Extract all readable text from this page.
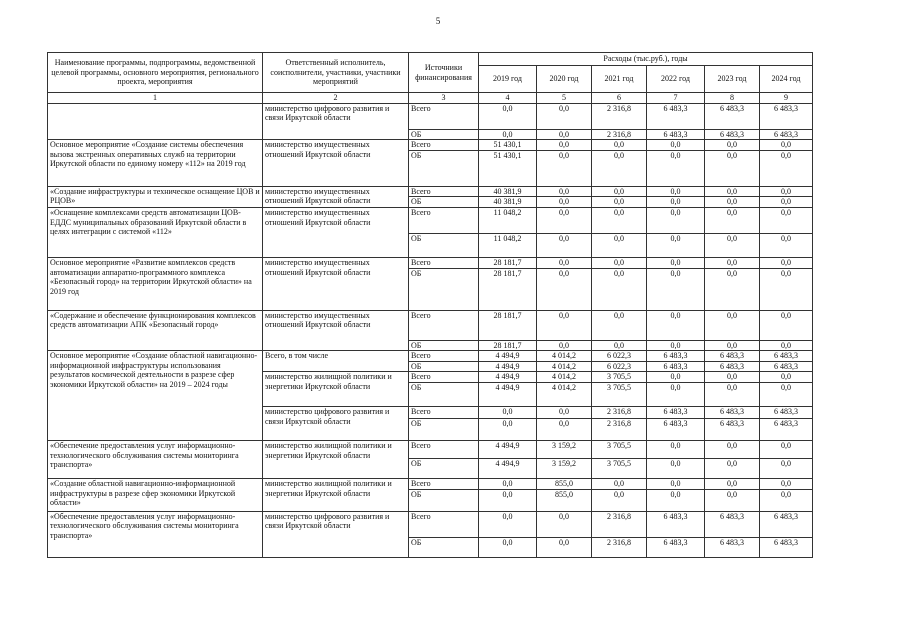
5
Наименование программы, подпрограммы, ведомственной целевой программы, основного мероприятия, регионального проекта, мероприятия	Ответственный исполнитель, соисполнители, участники, участники мероприятий	Источники финансирования	Расходы (тыс.руб.), годы					
			2019 год	2020 год	2021 год	2022 год	2023 год	2024 год
1	2	3	4	5	6	7	8	9
	министерство цифрового развития и связи Иркутской области	Всего	0,0	0,0	2 316,8	6 483,3	6 483,3	6 483,3
		ОБ	0,0	0,0	2 316,8	6 483,3	6 483,3	6 483,3
Основное мероприятие «Создание системы обеспечения вызова экстренных оперативных служб на территории Иркутской области по единому номеру «112» на 2019 год	министерство имущественных отношений Иркутской области	Всего	51 430,1	0,0	0,0	0,0	0,0	0,0
		ОБ	51 430,1	0,0	0,0	0,0	0,0	0,0
«Создание инфраструктуры и техническое оснащение ЦОВ и РЦОВ»	министерство имущественных отношений Иркутской области	Всего	40 381,9	0,0	0,0	0,0	0,0	0,0
		ОБ	40 381,9	0,0	0,0	0,0	0,0	0,0
«Оснащение комплексами средств автоматизации ЦОВ-ЕДДС муниципальных образований Иркутской области в целях интеграции с системой «112»	министерство имущественных отношений Иркутской области	Всего	11 048,2	0,0	0,0	0,0	0,0	0,0
		ОБ	11 048,2	0,0	0,0	0,0	0,0	0,0
Основное мероприятие «Развитие комплексов средств автоматизации аппаратно-программного комплекса «Безопасный город» на территории Иркутской области» на 2019 год	министерство имущественных отношений Иркутской области	Всего	28 181,7	0,0	0,0	0,0	0,0	0,0
		ОБ	28 181,7	0,0	0,0	0,0	0,0	0,0
«Содержание и обеспечение функционирования комплексов средств автоматизации АПК «Безопасный город»	министерство имущественных отношений Иркутской области	Всего	28 181,7	0,0	0,0	0,0	0,0	0,0
		ОБ	28 181,7	0,0	0,0	0,0	0,0	0,0
Основное мероприятие «Создание областной навигационно-информационной инфраструктуры использования результатов космической деятельности в разрезе сфер экономики Иркутской области» на 2019 – 2024 годы	Всего, в том числе	Всего	4 494,9	4 014,2	6 022,3	6 483,3	6 483,3	6 483,3
		ОБ	4 494,9	4 014,2	6 022,3	6 483,3	6 483,3	6 483,3
	министерство жилищной политики и энергетики Иркутской области	Всего	4 494,9	4 014,2	3 705,5	0,0	0,0	0,0
		ОБ	4 494,9	4 014,2	3 705,5	0,0	0,0	0,0
	министерство цифрового развития и связи Иркутской области	Всего	0,0	0,0	2 316,8	6 483,3	6 483,3	6 483,3
		ОБ	0,0	0,0	2 316,8	6 483,3	6 483,3	6 483,3
«Обеспечение предоставления услуг информационно-технологического обслуживания системы мониторинга транспорта»	министерство жилищной политики и энергетики Иркутской области	Всего	4 494,9	3 159,2	3 705,5	0,0	0,0	0,0
		ОБ	4 494,9	3 159,2	3 705,5	0,0	0,0	0,0
«Создание областной навигационно-информационной инфраструктуры в разрезе сфер экономики Иркутской области»	министерство жилищной политики и энергетики Иркутской области	Всего	0,0	855,0	0,0	0,0	0,0	0,0
		ОБ	0,0	855,0	0,0	0,0	0,0	0,0
«Обеспечение предоставления услуг информационно-технологического обслуживания системы мониторинга транспорта»	министерство цифрового развития и связи Иркутской области	Всего	0,0	0,0	2 316,8	6 483,3	6 483,3	6 483,3
		ОБ	0,0	0,0	2 316,8	6 483,3	6 483,3	6 483,3
